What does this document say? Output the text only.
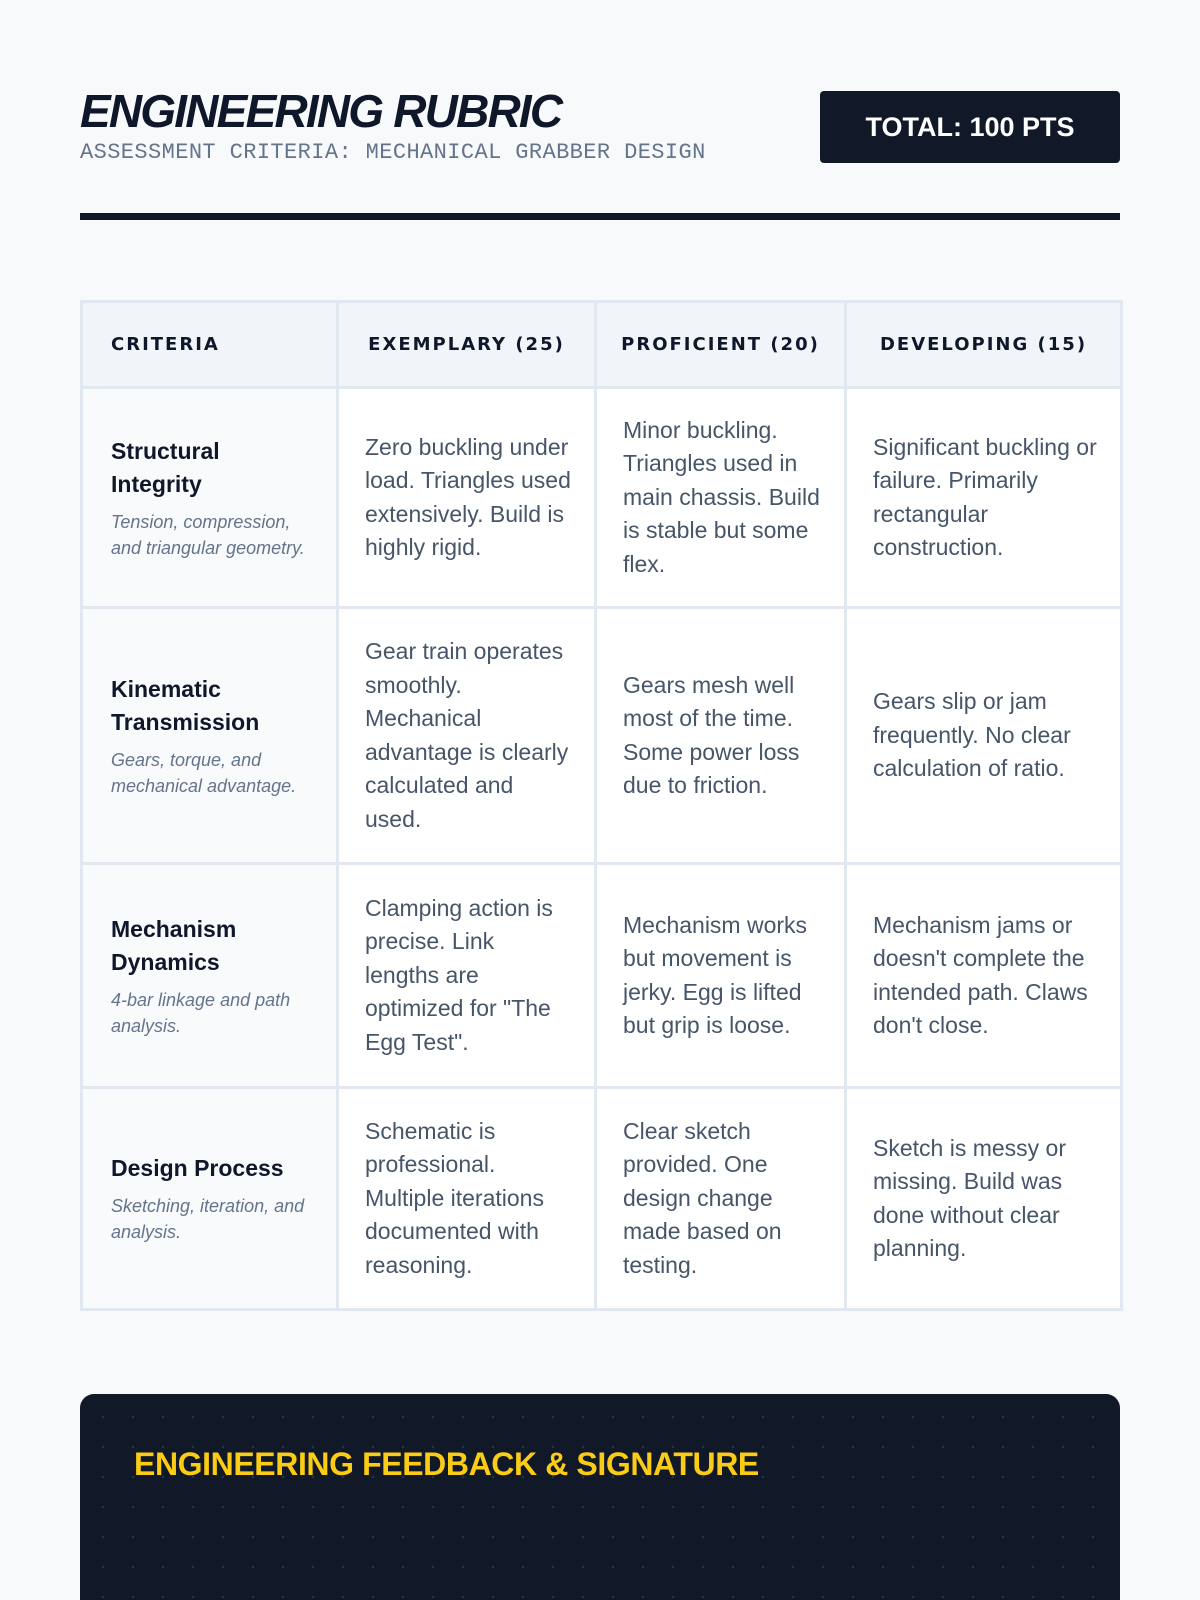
ENGINEERING RUBRIC
ASSESSMENT CRITERIA: MECHANICAL GRABBER DESIGN
TOTAL: 100 PTS
CRITERIA	EXEMPLARY (25)	PROFICIENT (20)	DEVELOPING (15)

Structural Integrity
Tension, compression, and triangular geometry.	Zero buckling under load. Triangles used extensively. Build is highly rigid.	Minor buckling. Triangles used in main chassis. Build is stable but some flex.	Significant buckling or failure. Primarily rectangular construction.

Kinematic Transmission
Gears, torque, and mechanical advantage.	Gear train operates smoothly. Mechanical advantage is clearly calculated and used.	Gears mesh well most of the time. Some power loss due to friction.	Gears slip or jam frequently. No clear calculation of ratio.

Mechanism Dynamics
4-bar linkage and path analysis.	Clamping action is precise. Link lengths are optimized for "The Egg Test".	Mechanism works but movement is jerky. Egg is lifted but grip is loose.	Mechanism jams or doesn't complete the intended path. Claws don't close.

Design Process
Sketching, iteration, and analysis.	Schematic is professional. Multiple iterations documented with reasoning.	Clear sketch provided. One design change made based on testing.	Sketch is messy or missing. Build was done without clear planning.
ENGINEERING FEEDBACK & SIGNATURE
